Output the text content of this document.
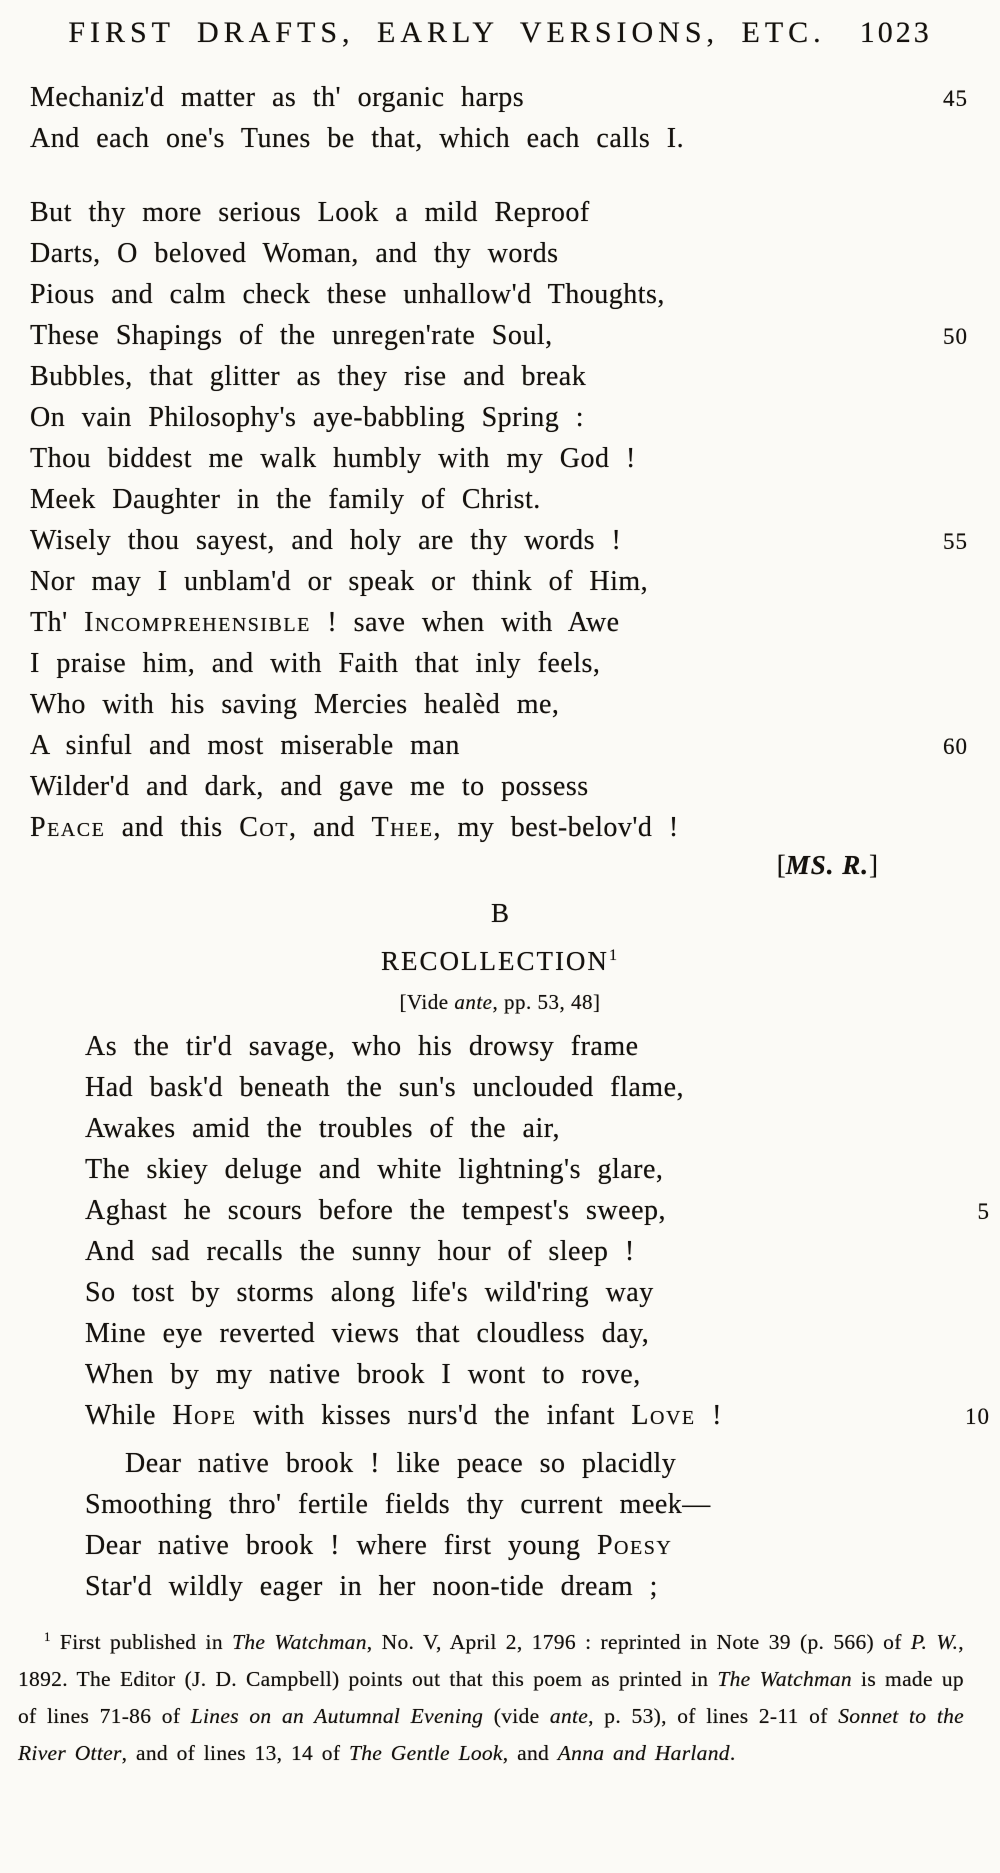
FIRST DRAFTS, EARLY VERSIONS, ETC. 1023
Mechaniz'd matter as th' organic harps	45
And each one's Tunes be that, which each calls I.
But thy more serious Look a mild Reproof
Darts, O beloved Woman, and thy words
Pious and calm check these unhallow'd Thoughts,
These Shapings of the unregen'rate Soul,	50
Bubbles, that glitter as they rise and break
On vain Philosophy's aye-babbling Spring :
Thou biddest me walk humbly with my God !
Meek Daughter in the family of Christ.
Wisely thou sayest, and holy are thy words !	55
Nor may I unblam'd or speak or think of Him,
Th' Incomprehensible ! save when with Awe
I praise him, and with Faith that inly feels,
Who with his saving Mercies healèd me,
A sinful and most miserable man	60
Wilder'd and dark, and gave me to possess
Peace and this Cot, and Thee, my best-belov'd !
[MS. R.]
B
RECOLLECTION$^1$
[Vide ante, pp. 53, 48]
As the tir'd savage, who his drowsy frame
Had bask'd beneath the sun's unclouded flame,
Awakes amid the troubles of the air,
The skiey deluge and white lightning's glare,
Aghast he scours before the tempest's sweep,	5
And sad recalls the sunny hour of sleep !
So tost by storms along life's wild'ring way
Mine eye reverted views that cloudless day,
When by my native brook I wont to rove,
While Hope with kisses nurs'd the infant Love !	10
Dear native brook ! like peace so placidly
Smoothing thro' fertile fields thy current meek—
Dear native brook ! where first young Poesy
Star'd wildly eager in her noon-tide dream ;
$^1$ First published in The Watchman, No. V, April 2, 1796 : reprinted in Note 39 (p. 566) of P. W., 1892. The Editor (J. D. Campbell) points out that this poem as printed in The Watchman is made up of lines 71-86 of Lines on an Autumnal Evening (vide ante, p. 53), of lines 2-11 of Sonnet to the River Otter, and of lines 13, 14 of The Gentle Look, and Anna and Harland.
